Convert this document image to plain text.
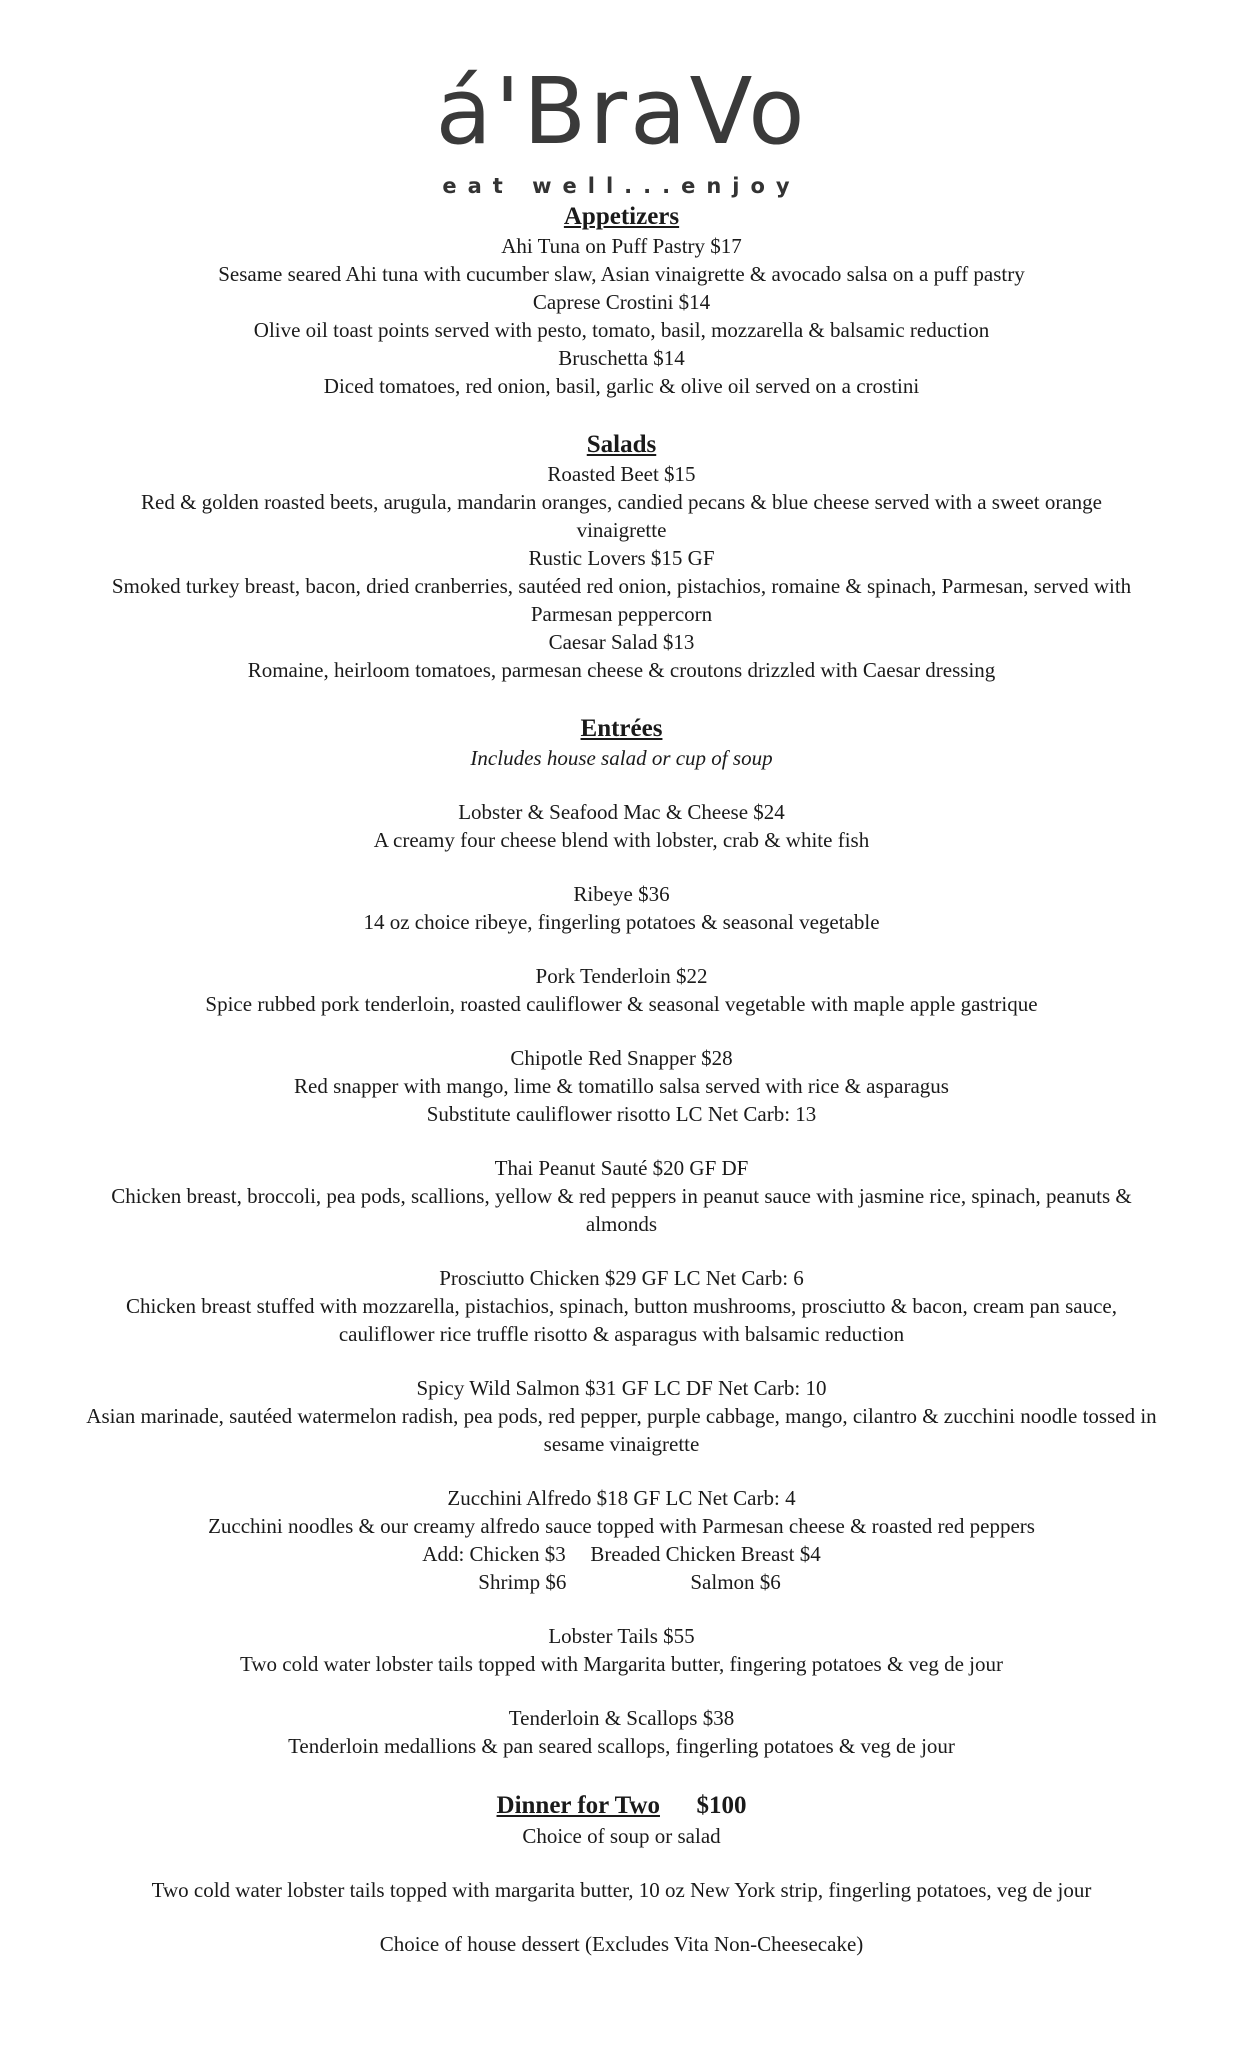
á'BraVo
eat well...enjoy
Appetizers
Ahi Tuna on Puff Pastry $17
Sesame seared Ahi tuna with cucumber slaw, Asian vinaigrette & avocado salsa on a puff pastry
Caprese Crostini $14
Olive oil toast points served with pesto, tomato, basil, mozzarella & balsamic reduction
Bruschetta $14
Diced tomatoes, red onion, basil, garlic & olive oil served on a crostini
Salads
Roasted Beet $15
Red & golden roasted beets, arugula, mandarin oranges, candied pecans & blue cheese served with a sweet orange vinaigrette
Rustic Lovers $15 GF
Smoked turkey breast, bacon, dried cranberries, sautéed red onion, pistachios, romaine & spinach, Parmesan, served with Parmesan peppercorn
Caesar Salad $13
Romaine, heirloom tomatoes, parmesan cheese & croutons drizzled with Caesar dressing
Entrées
Includes house salad or cup of soup
Lobster & Seafood Mac & Cheese $24
A creamy four cheese blend with lobster, crab & white fish
Ribeye $36
14 oz choice ribeye, fingerling potatoes & seasonal vegetable
Pork Tenderloin $22
Spice rubbed pork tenderloin, roasted cauliflower & seasonal vegetable with maple apple gastrique
Chipotle Red Snapper $28
Red snapper with mango, lime & tomatillo salsa served with rice & asparagus
Substitute cauliflower risotto LC Net Carb: 13
Thai Peanut Sauté $20 GF DF
Chicken breast, broccoli, pea pods, scallions, yellow & red peppers in peanut sauce with jasmine rice, spinach, peanuts & almonds
Prosciutto Chicken $29 GF LC Net Carb: 6
Chicken breast stuffed with mozzarella, pistachios, spinach, button mushrooms, prosciutto & bacon, cream pan sauce, cauliflower rice truffle risotto & asparagus with balsamic reduction
Spicy Wild Salmon $31 GF LC DF Net Carb: 10
Asian marinade, sautéed watermelon radish, pea pods, red pepper, purple cabbage, mango, cilantro & zucchini noodle tossed in sesame vinaigrette
Zucchini Alfredo $18 GF LC Net Carb: 4
Zucchini noodles & our creamy alfredo sauce topped with Parmesan cheese & roasted red peppers
Add: Chicken $3 Breaded Chicken Breast $4
Shrimp $6	Salmon $6
Lobster Tails $55
Two cold water lobster tails topped with Margarita butter, fingering potatoes & veg de jour
Tenderloin & Scallops $38
Tenderloin medallions & pan seared scallops, fingerling potatoes & veg de jour
Dinner for Two $100
Choice of soup or salad
Two cold water lobster tails topped with margarita butter, 10 oz New York strip, fingerling potatoes, veg de jour
Choice of house dessert (Excludes Vita Non-Cheesecake)
